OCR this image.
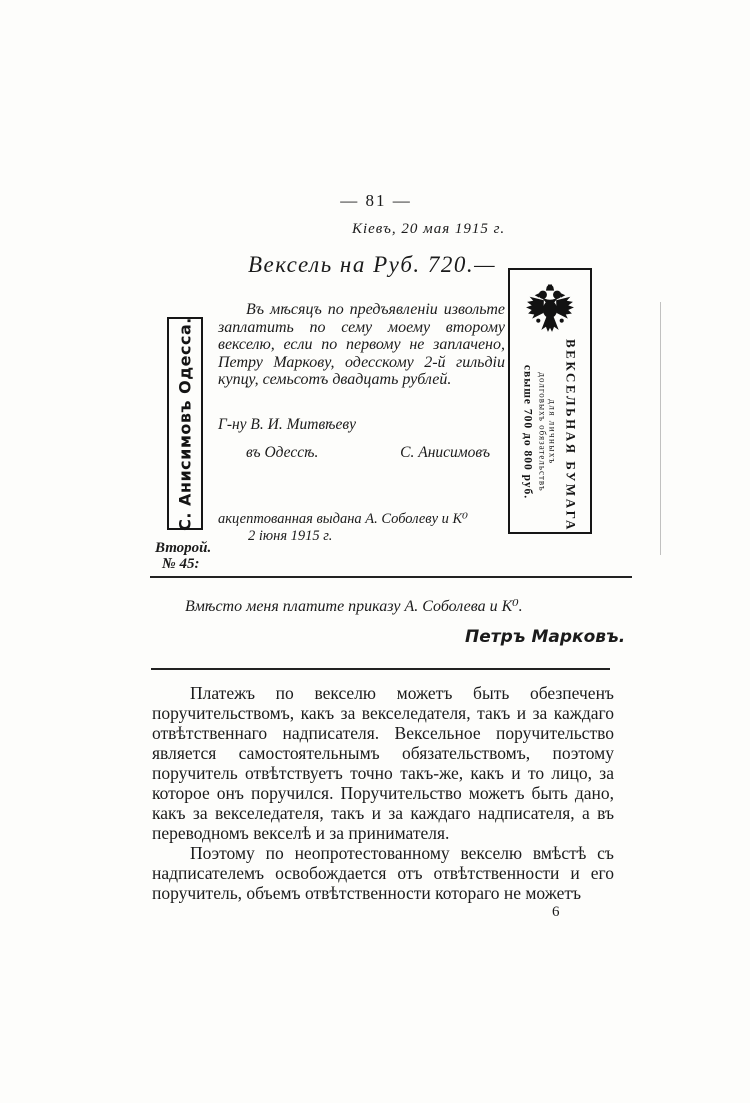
— 81 —
Кіевъ, 20 мая 1915 г.
Вексель на Руб. 720.—
С. Анисимовъ Одесса.
Въ мѣсяцъ по предъявленіи извольте заплатить по сему моему второму векселю, если по первому не заплачено, Петру Маркову, одесскому 2-й гильдіи купцу, семьсотъ двадцать рублей.
Г-ну В. И. Митвѣеву
въ Одессѣ.	С. Анисимовъ
акцептованная выдана А. Соболеву и К⁰
2 іюня 1915 г.
Второй.
№ 45:
ВЕКСЕЛЬНАЯ БУМАГА
для личныхъ
долговыхъ обязательствъ
свыше 700 до 800 руб.
Вмѣсто меня платите приказу А. Соболева и К⁰.
Петръ Марковъ.

Платежъ по векселю можетъ быть обезпеченъ поручительствомъ, какъ за векселедателя, такъ и за каждаго отвѣтственнаго надписателя. Вексельное поручительство является самостоятельнымъ обязательствомъ, поэтому поручитель отвѣтствуетъ точно такъ-же, какъ и то лицо, за которое онъ поручился. Поручительство можетъ быть дано, какъ за векселедателя, такъ и за каждаго надписателя, а въ переводномъ векселѣ и за принимателя.

Поэтому по неопротестованному векселю вмѣстѣ съ надписателемъ освобождается отъ отвѣтственности и его поручитель, объемъ отвѣтственности котораго не можетъ

6
